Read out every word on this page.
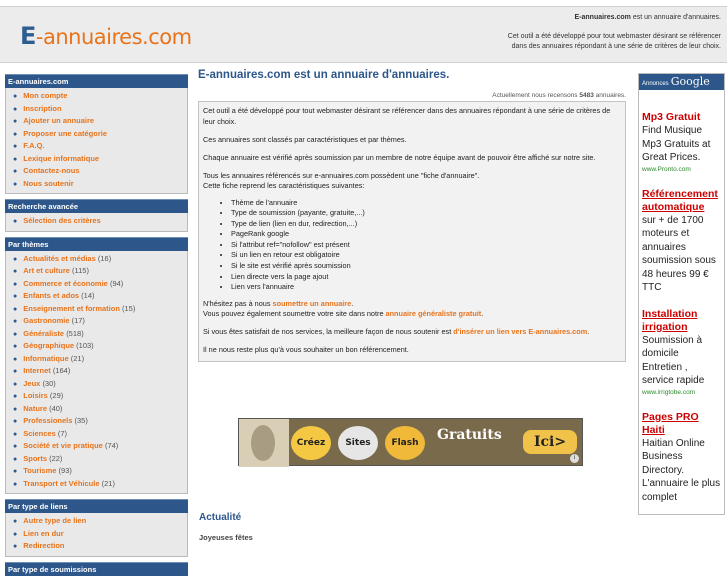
E-annuaires.com
E-annuaires.com est un annuaire d'annuaires.
Cet outil a été développé pour tout webmaster désirant se référencer
dans des annuaires répondant à une série de critères de leur choix.
E-annuaires.com
● Mon compte
● Inscription
● Ajouter un annuaire
● Proposer une catégorie
● F.A.Q.
● Lexique informatique
● Contactez-nous
● Nous soutenir
Recherche avancée
● Sélection des critères
Par thèmes
● Actualités et médias (16)
● Art et culture (115)
● Commerce et économie (94)
● Enfants et ados (14)
● Enseignement et formation (15)
● Gastronomie (17)
● Généraliste (518)
● Géographique (103)
● Informatique (21)
● Internet (164)
● Jeux (30)
● Loisirs (29)
● Nature (40)
● Professionels (35)
● Sciences (7)
● Société et vie pratique (74)
● Sports (22)
● Tourisme (93)
● Transport et Véhicule (21)
Par type de liens
● Autre type de lien
● Lien en dur
● Redirection
Par type de soumissions
E-annuaires.com est un annuaire d'annuaires.
Actuellement nous recensons 5483 annuaires.

Cet outil a été développé pour tout webmaster désirant se référencer dans des annuaires répondant à une série de critères de leur choix.

Ces annuaires sont classés par caractéristiques et par thèmes.

Chaque annuaire est vérifié après soumission par un membre de notre équipe avant de pouvoir être affiché sur notre site.

Tous les annuaires référencés sur e-annuaires.com possèdent une "fiche d'annuaire".
Cette fiche reprend les caractéristiques suivantes:
• Thème de l'annuaire
• Type de soumission (payante, gratuite,...)
• Type de lien (lien en dur, redirection,...)
• PageRank google
• Si l'attribut ref="nofollow" est présent
• Si un lien en retour est obligatoire
• Si le site est vérifié après soumission
• Lien directe vers la page ajout
• Lien vers l'annuaire

N'hésitez pas à nous soumettre un annuaire.
Vous pouvez également soumettre votre site dans notre annuaire généraliste gratuit.

Si vous êtes satisfait de nos services, la meilleure façon de nous soutenir est d'insérer un lien vers E-annuaires.com.

Il ne nous reste plus qu'à vous souhaiter un bon référencement.

Créez	Sites	Flash	Gratuits	Ici>
i
Actualité
Joyeuses fêtes
Annonces Google
Mp3 Gratuit
Find Musique Mp3 Gratuits at Great Prices.
www.Pronto.com
Référencement automatique
sur + de 1700 moteurs et annuaires soumission sous 48 heures 99 € TTC
Installation irrigation
Soumission à domicile Entretien , service rapide
www.irrigtobe.com
Pages PRO Haiti
Haitian Online Business Directory. L'annuaire le plus complet
